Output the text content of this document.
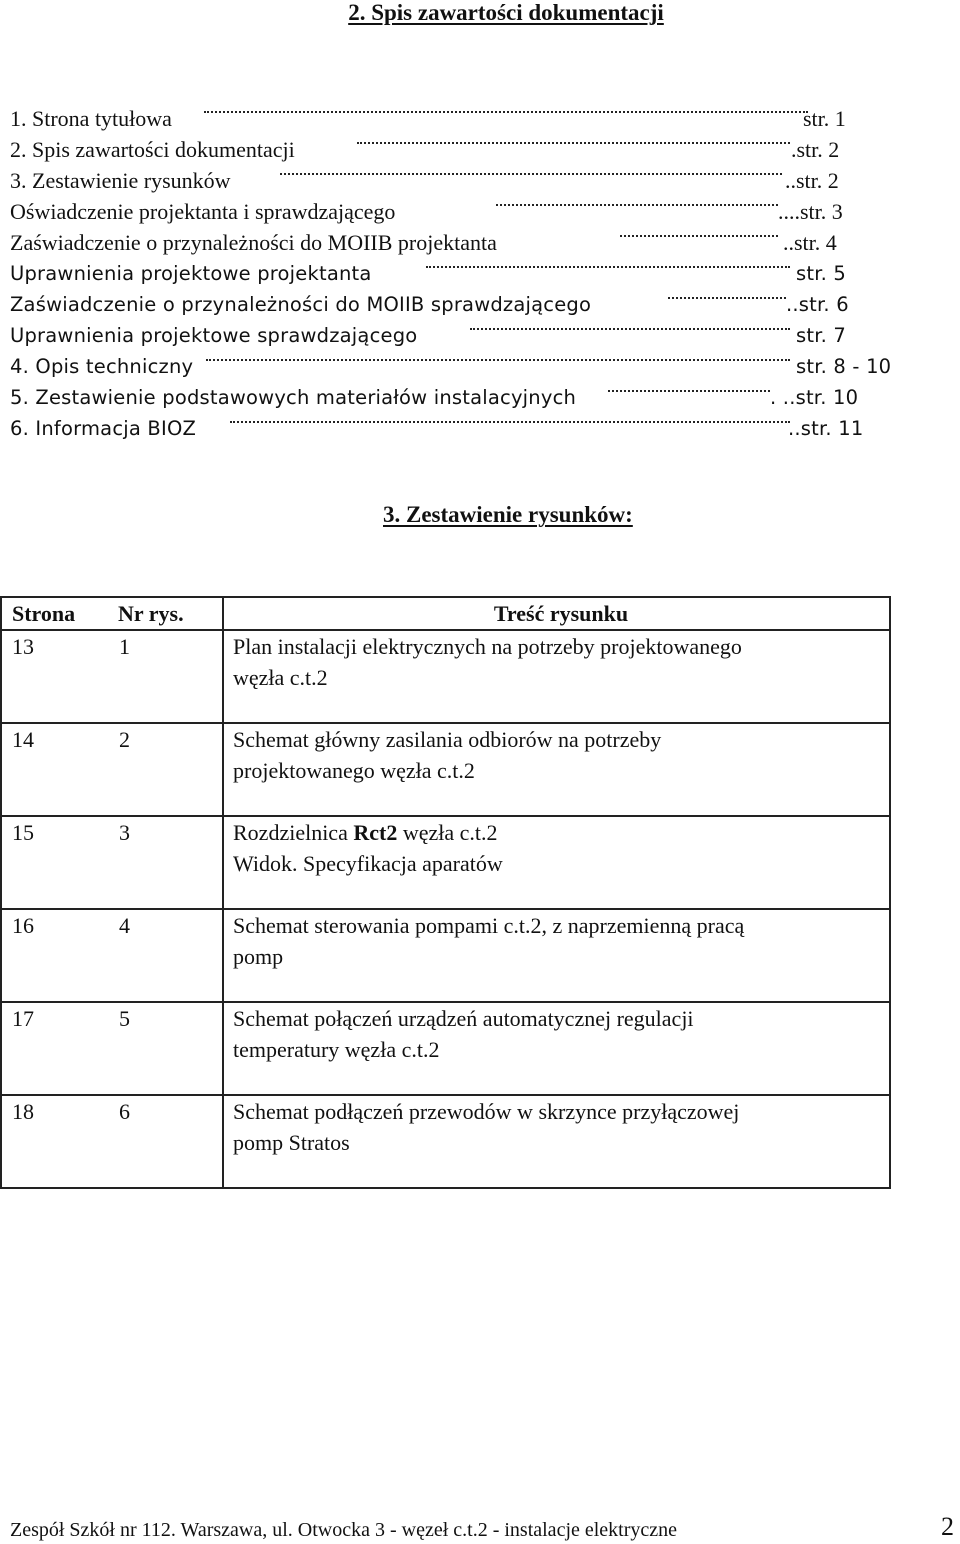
2. Spis zawartości dokumentacji
1. Strona tytułowa	str. 1
2. Spis zawartości dokumentacji	.str. 2
3. Zestawienie rysunków	..str. 2
Oświadczenie projektanta i sprawdzającego	....str. 3
Zaświadczenie o przynależności do MOIIB projektanta	..str. 4
Uprawnienia projektowe projektanta	str. 5
Zaświadczenie o przynależności do MOIIB sprawdzającego	..str. 6
Uprawnienia projektowe sprawdzającego	str. 7
4. Opis techniczny	str. 8 - 10
5. Zestawienie podstawowych materiałów instalacyjnych	. ..str. 10
6. Informacja BIOZ	..str. 11
3. Zestawienie rysunków:
Strona	Nr rys.	Treść rysunku
13	1	Plan instalacji elektrycznych na potrzeby projektowanego
węzła c.t.2

14	2	Schemat główny zasilania odbiorów na potrzeby
projektowanego węzła c.t.2

15	3	Rozdzielnica Rct2 węzła c.t.2
Widok. Specyfikacja aparatów

16	4	Schemat sterowania pompami c.t.2, z naprzemienną pracą
pomp

17	5	Schemat połączeń urządzeń automatycznej regulacji
temperatury węzła c.t.2

18	6	Schemat podłączeń przewodów w skrzynce przyłączowej
pomp Stratos
Zespół Szkół nr 112. Warszawa, ul. Otwocka 3 - węzeł c.t.2 - instalacje elektryczne	2
